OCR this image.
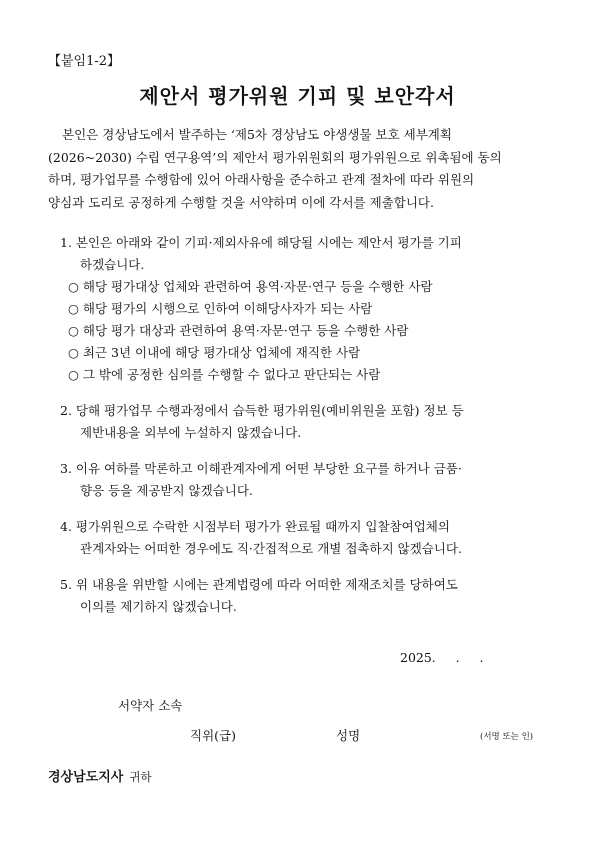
【붙임1-2】
제안서 평가위원 기피 및 보안각서
본인은 경상남도에서 발주하는 ‘제5차 경상남도 야생생물 보호 세부계획
(2026~2030) 수립 연구용역’의 제안서 평가위원회의 평가위원으로 위촉됨에 동의
하며, 평가업무를 수행함에 있어 아래사항을 준수하고 관계 절차에 따라 위원의
양심과 도리로 공정하게 수행할 것을 서약하며 이에 각서를 제출합니다.
1. 본인은 아래와 같이 기피·제외사유에 해당될 시에는 제안서 평가를 기피
하겠습니다.
○ 해당 평가대상 업체와 관련하여 용역·자문·연구 등을 수행한 사람
○ 해당 평가의 시행으로 인하여 이해당사자가 되는 사람
○ 해당 평가 대상과 관련하여 용역·자문·연구 등을 수행한 사람
○ 최근 3년 이내에 해당 평가대상 업체에 재직한 사람
○ 그 밖에 공정한 심의를 수행할 수 없다고 판단되는 사람
2. 당해 평가업무 수행과정에서 습득한 평가위원(예비위원을 포함) 정보 등
제반내용을 외부에 누설하지 않겠습니다.
3. 이유 여하를 막론하고 이해관계자에게 어떤 부당한 요구를 하거나 금품·
향응 등을 제공받지 않겠습니다.
4. 평가위원으로 수락한 시점부터 평가가 완료될 때까지 입찰참여업체의
관계자와는 어떠한 경우에도 직·간접적으로 개별 접촉하지 않겠습니다.
5. 위 내용을 위반할 시에는 관계법령에 따라 어떠한 제재조치를 당하여도
이의를 제기하지 않겠습니다.
2025.     .     .
서약자 소속
직위(급)	성명	(서명 또는 인)
경상남도지사 귀하
